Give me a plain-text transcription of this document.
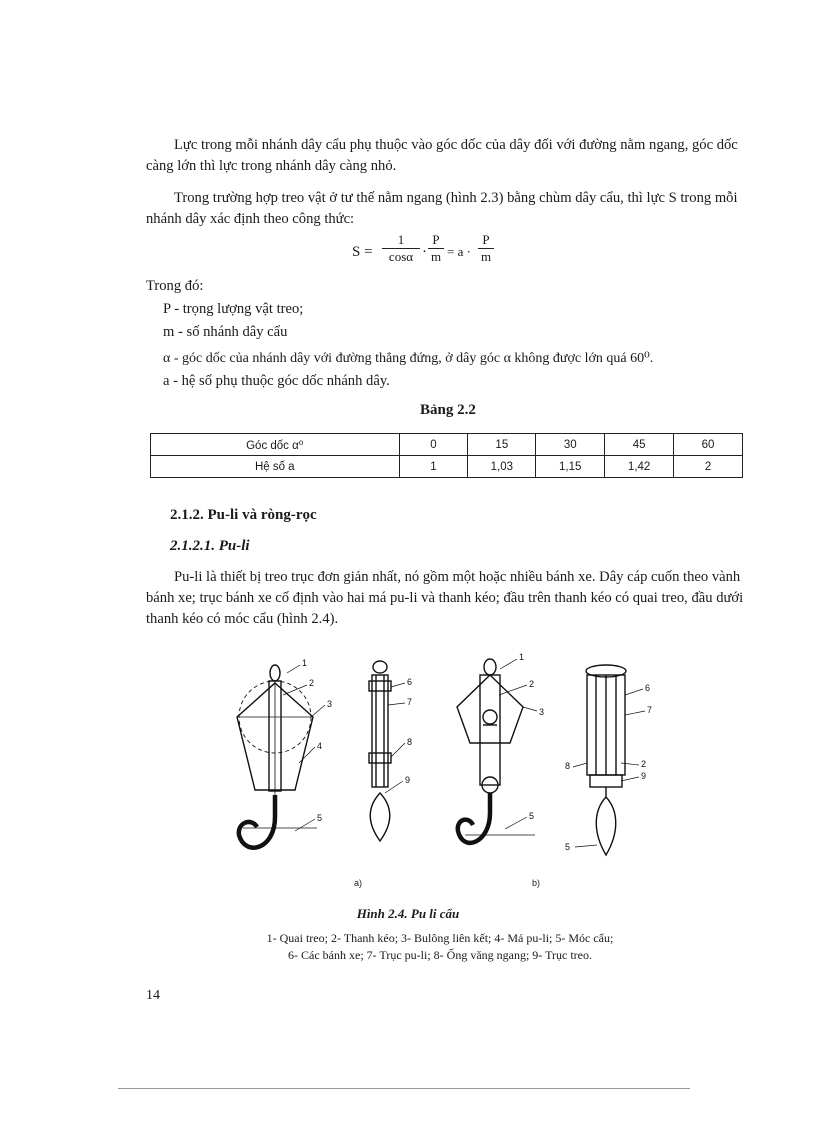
Lực trong mỗi nhánh dây cẩu phụ thuộc vào góc dốc của dây đối với đường nằm ngang, góc dốc càng lớn thì lực trong nhánh dây càng nhỏ.
Trong trường hợp treo vật ở tư thế nằm ngang (hình 2.3) bằng chùm dây cẩu, thì lực S trong mỗi nhánh dây xác định theo công thức:
$S = \frac{1}{\cos\alpha} \cdot \frac{P}{m} = a \cdot \frac{P}{m}$
Trong đó:
P - trọng lượng vật treo;
m - số nhánh dây cẩu
α - góc dốc của nhánh dây với đường thẳng đứng, ở dây góc α không được lớn quá 60⁰.
a - hệ số phụ thuộc góc dốc nhánh dây.
Bảng 2.2
Góc dốc α⁰	0	15	30	45	60
Hệ số a	1	1,03	1,15	1,42	2
2.1.2. Pu-li và ròng-rọc
2.1.2.1. Pu-li
Pu-li là thiết bị treo trục đơn giản nhất, nó gồm một hoặc nhiều bánh xe. Dây cáp cuốn theo vành bánh xe; trục bánh xe cố định vào hai má pu-li và thanh kéo; đầu trên thanh kéo có quai treo, đầu dưới thanh kéo có móc cẩu (hình 2.4).
1
2
3
4
5
6
7
8
9
1
2
3
5
6
7
8	2
9
5
a)	b)
Hình 2.4. Pu li cẩu
1- Quai treo; 2- Thanh kéo; 3- Bulông liên kết; 4- Má pu-li; 5- Móc cẩu;
6- Các bánh xe; 7- Trục pu-li; 8- Ống văng ngang; 9- Trục treo.
14
